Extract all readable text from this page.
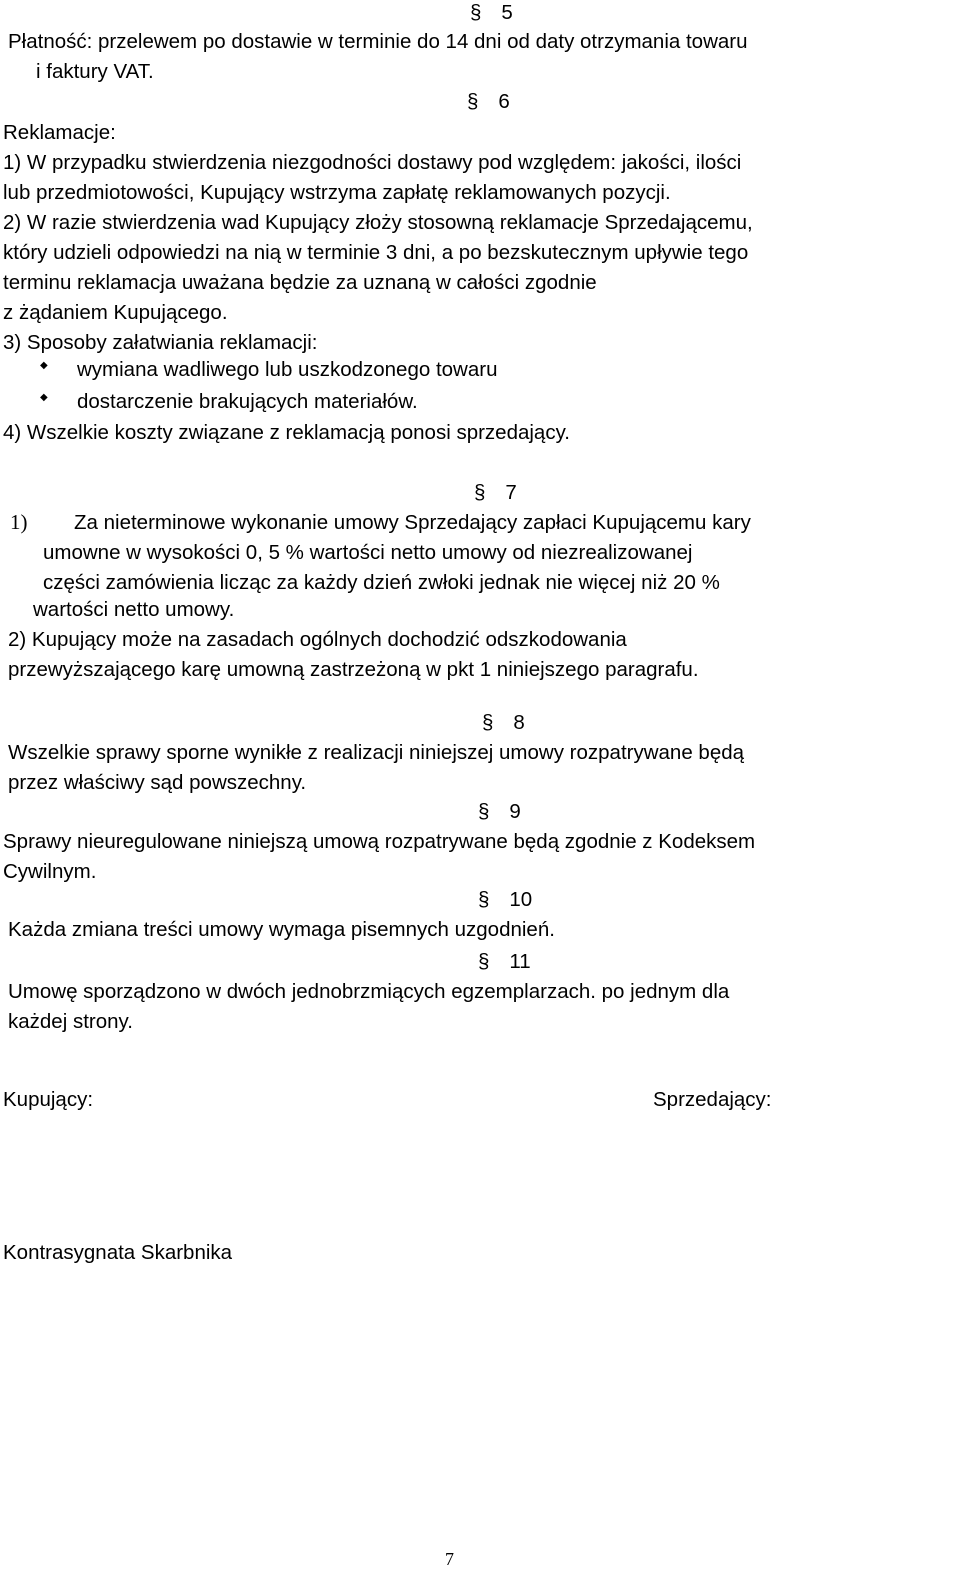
§ 5
Płatność: przelewem po dostawie w terminie do 14 dni od daty otrzymania towaru
i faktury VAT.
§ 6
Reklamacje:
1) W przypadku stwierdzenia niezgodności dostawy pod względem: jakości, ilości
lub przedmiotowości, Kupujący wstrzyma zapłatę reklamowanych pozycji.
2) W razie stwierdzenia wad Kupujący złoży stosowną reklamacje Sprzedającemu,
który udzieli odpowiedzi na nią w terminie 3 dni, a po bezskutecznym upływie tego
terminu reklamacja uważana będzie za uznaną w całości zgodnie
z żądaniem Kupującego.
3) Sposoby załatwiania reklamacji:
◆ wymiana wadliwego lub uszkodzonego towaru
◆ dostarczenie brakujących materiałów.
4) Wszelkie koszty związane z reklamacją ponosi sprzedający.
§ 7
1) Za nieterminowe wykonanie umowy Sprzedający zapłaci Kupującemu kary
umowne w wysokości 0, 5 % wartości netto umowy od niezrealizowanej
części zamówienia licząc za każdy dzień zwłoki jednak nie więcej niż 20 %
wartości netto umowy.
2) Kupujący może na zasadach ogólnych dochodzić odszkodowania
przewyższającego karę umowną zastrzeżoną w pkt 1 niniejszego paragrafu.
§ 8
Wszelkie sprawy sporne wynikłe z realizacji niniejszej umowy rozpatrywane będą
przez właściwy sąd powszechny.
§ 9
Sprawy nieuregulowane niniejszą umową rozpatrywane będą zgodnie z Kodeksem
Cywilnym.
§ 10
Każda zmiana treści umowy wymaga pisemnych uzgodnień.
§ 11
Umowę sporządzono w dwóch jednobrzmiących egzemplarzach. po jednym dla
każdej strony.
Kupujący:	Sprzedający:
Kontrasygnata Skarbnika
7
